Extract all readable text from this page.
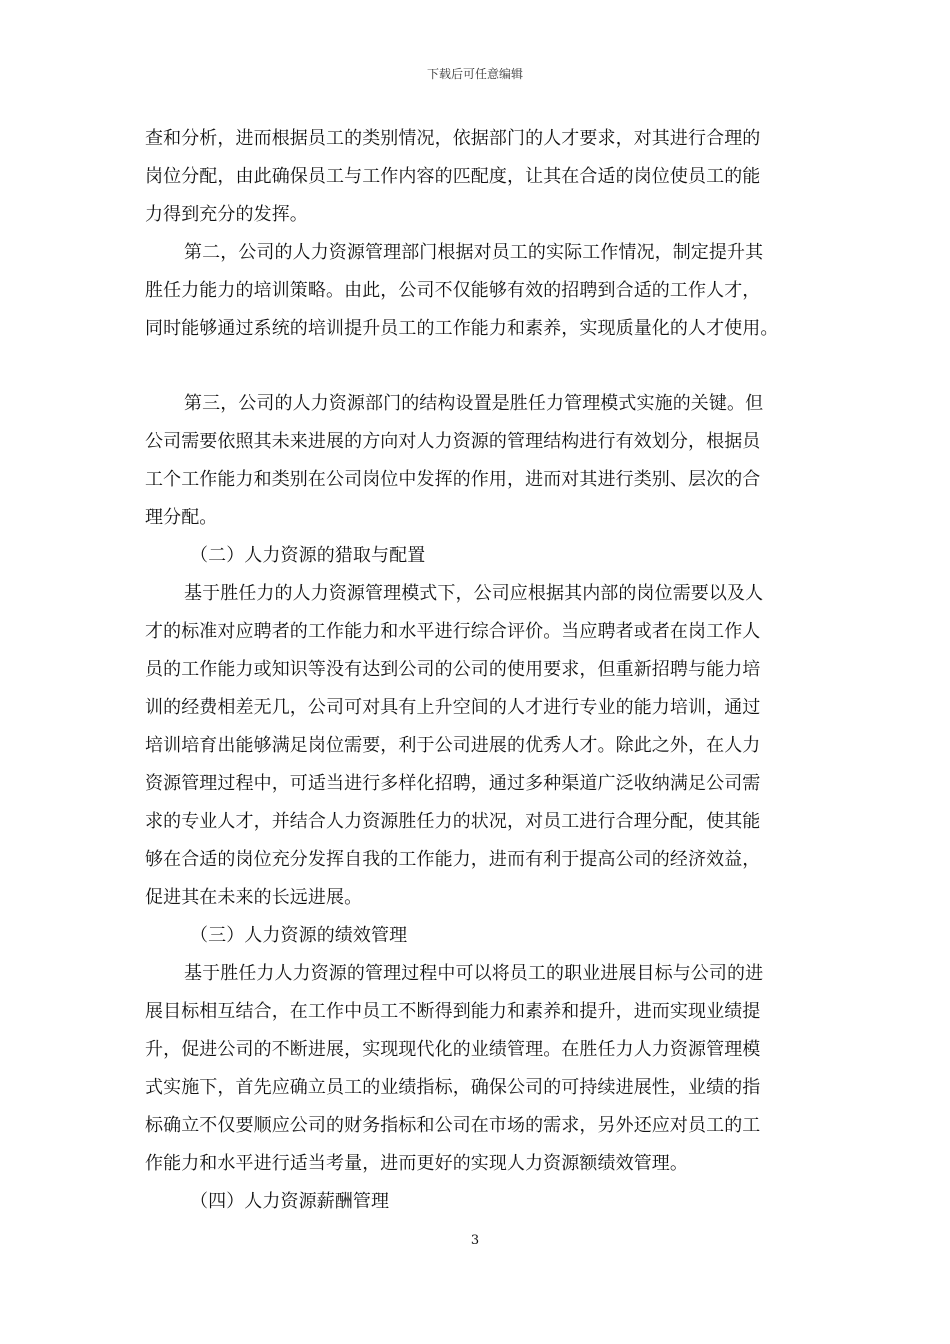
下载后可任意编辑
查和分析，进而根据员工的类别情况，依据部门的人才要求，对其进行合理的
岗位分配，由此确保员工与工作内容的匹配度，让其在合适的岗位使员工的能
力得到充分的发挥。
第二，公司的人力资源管理部门根据对员工的实际工作情况，制定提升其
胜任力能力的培训策略。由此，公司不仅能够有效的招聘到合适的工作人才，
同时能够通过系统的培训提升员工的工作能力和素养，实现质量化的人才使用。
第三，公司的人力资源部门的结构设置是胜任力管理模式实施的关键。但
公司需要依照其未来进展的方向对人力资源的管理结构进行有效划分，根据员
工个工作能力和类别在公司岗位中发挥的作用，进而对其进行类别、层次的合
理分配。
（二）人力资源的猎取与配置
基于胜任力的人力资源管理模式下，公司应根据其内部的岗位需要以及人
才的标准对应聘者的工作能力和水平进行综合评价。当应聘者或者在岗工作人
员的工作能力或知识等没有达到公司的公司的使用要求，但重新招聘与能力培
训的经费相差无几，公司可对具有上升空间的人才进行专业的能力培训，通过
培训培育出能够满足岗位需要，利于公司进展的优秀人才。除此之外，在人力
资源管理过程中，可适当进行多样化招聘，通过多种渠道广泛收纳满足公司需
求的专业人才，并结合人力资源胜任力的状况，对员工进行合理分配，使其能
够在合适的岗位充分发挥自我的工作能力，进而有利于提高公司的经济效益，
促进其在未来的长远进展。
（三）人力资源的绩效管理
基于胜任力人力资源的管理过程中可以将员工的职业进展目标与公司的进
展目标相互结合，在工作中员工不断得到能力和素养和提升，进而实现业绩提
升，促进公司的不断进展，实现现代化的业绩管理。在胜任力人力资源管理模
式实施下，首先应确立员工的业绩指标，确保公司的可持续进展性，业绩的指
标确立不仅要顺应公司的财务指标和公司在市场的需求，另外还应对员工的工
作能力和水平进行适当考量，进而更好的实现人力资源额绩效管理。
（四）人力资源薪酬管理
3
